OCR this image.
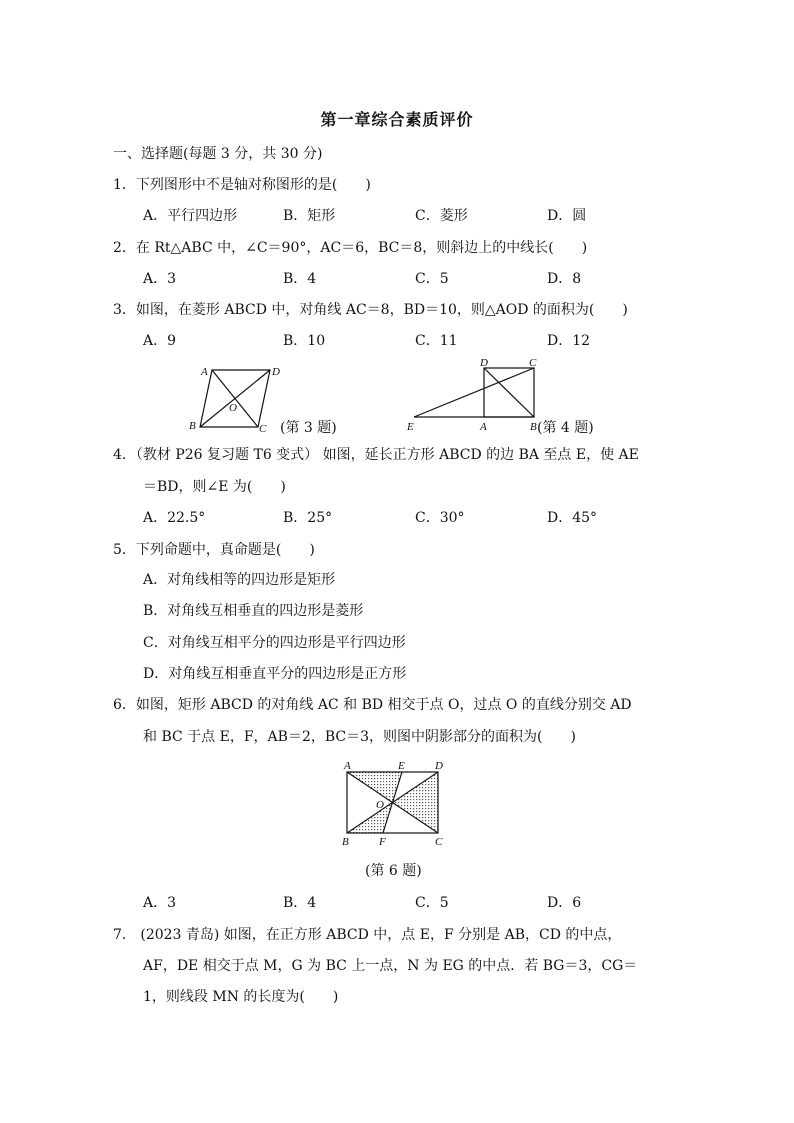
第一章综合素质评价
一、选择题(每题 3 分，共 30 分)
1．下列图形中不是轴对称图形的是(　　)
A．平行四边形	B．矩形	C．菱形	D．圆
2．在 Rt△ABC 中，∠C＝90°，AC＝6，BC＝8，则斜边上的中线长(　　)
A．3	B．4	C．5	D．8
3．如图，在菱形 ABCD 中，对角线 AC＝8，BD＝10，则△AOD 的面积为(　　)
A．9	B．10	C．11	D．12
A	D
O
B	C (第 3 题)
D	C
E	A	B (第 4 题)
4．（教材 P26 复习题 T6 变式） 如图，延长正方形 ABCD 的边 BA 至点 E，使 AE
＝BD，则∠E 为(　　)
A．22.5°	B．25°	C．30°	D．45°
5．下列命题中，真命题是(　　)
A．对角线相等的四边形是矩形
B．对角线互相垂直的四边形是菱形
C．对角线互相平分的四边形是平行四边形
D．对角线互相垂直平分的四边形是正方形
6．如图，矩形 ABCD 的对角线 AC 和 BD 相交于点 O，过点 O 的直线分别交 AD
和 BC 于点 E，F，AB＝2，BC＝3，则图中阴影部分的面积为(　　)
A	E	D
O
B	F	C
(第 6 题)
A．3	B．4	C．5	D．6
7.　(2023 青岛) 如图，在正方形 ABCD 中，点 E，F 分别是 AB，CD 的中点，
AF，DE 相交于点 M，G 为 BC 上一点，N 为 EG 的中点．若 BG＝3，CG＝
1，则线段 MN 的长度为(　　)
